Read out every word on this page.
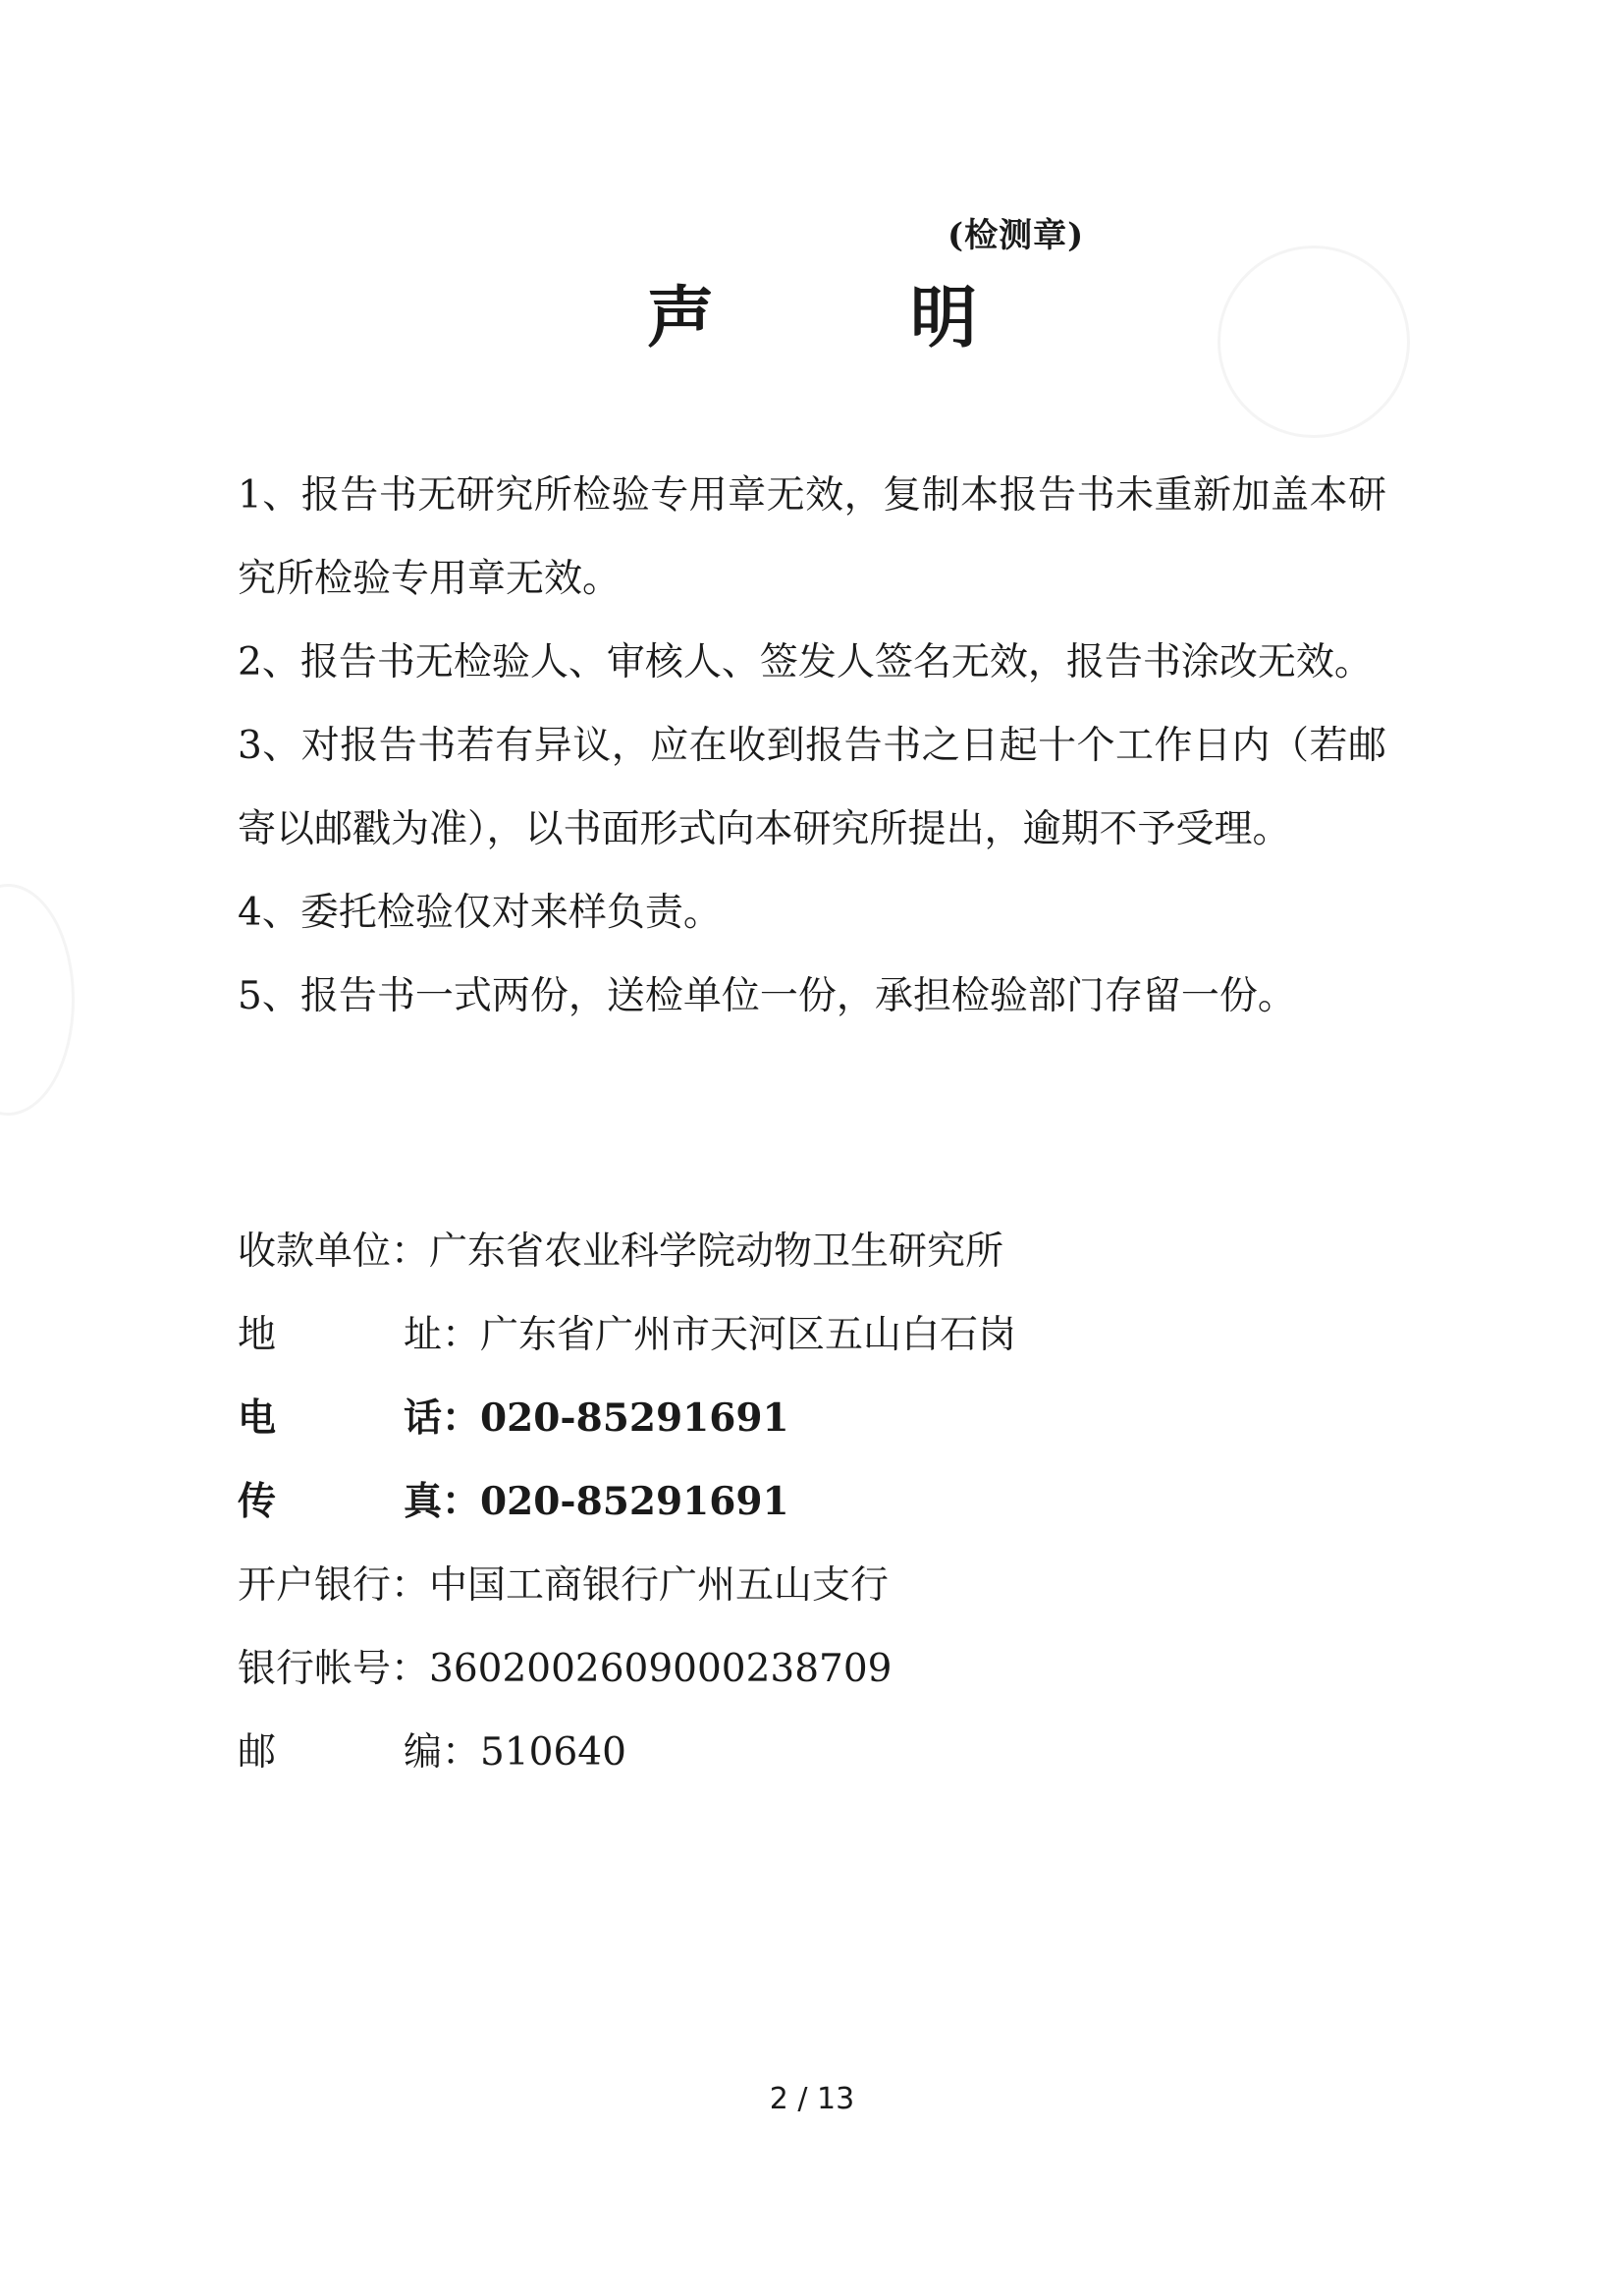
(检测章)
声明

1、报告书无研究所检验专用章无效，复制本报告书未重新加盖本研究所检验专用章无效。

2、报告书无检验人、审核人、签发人签名无效，报告书涂改无效。

3、对报告书若有异议，应在收到报告书之日起十个工作日内（若邮寄以邮戳为准），以书面形式向本研究所提出，逾期不予受理。

4、委托检验仅对来样负责。

5、报告书一式两份，送检单位一份，承担检验部门存留一份。

收款单位： 广东省农业科学院动物卫生研究所
地	址 ：广东省广州市天河区五山白石岗
电	话 ：020-85291691
传	真 ：020-85291691
开户银行： 中国工商银行广州五山支行
银行帐号： 3602002609000238709
邮	编 ：510640
2 / 13
